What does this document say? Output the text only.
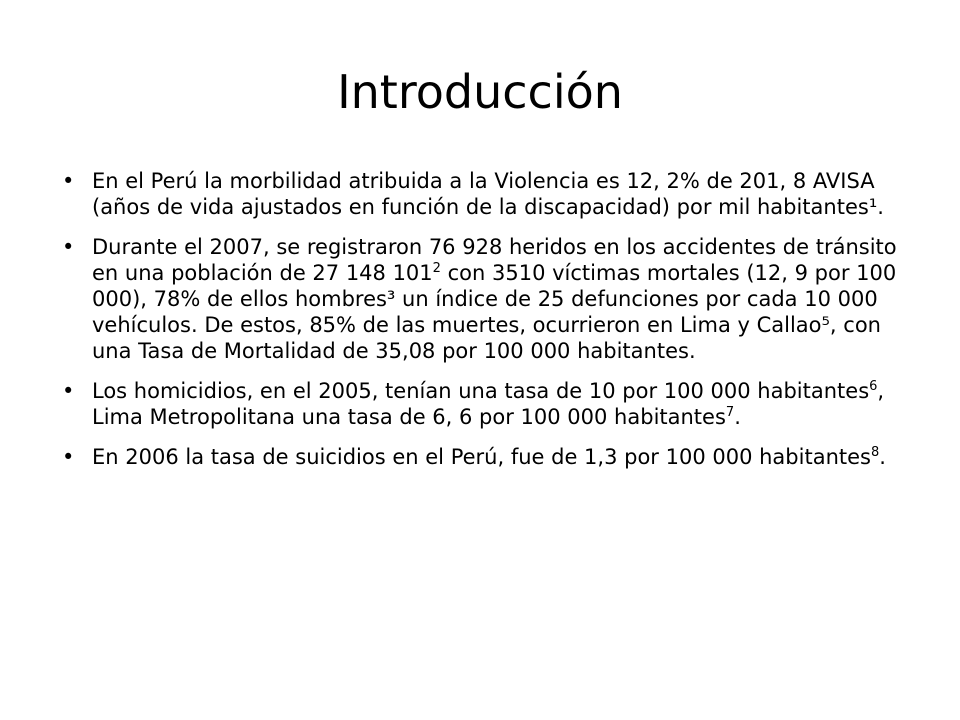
Introducción
• En el Perú la morbilidad atribuida a la Violencia es 12, 2% de 201, 8 AVISA (años de vida ajustados en función de la discapacidad) por mil habitantes¹.
• Durante el 2007, se registraron 76 928 heridos en los accidentes de tránsito en una población de 27 148 $101^2$ con 3510 víctimas mortales (12, 9 por 100 000), 78% de ellos hombres³ un índice de 25 defunciones por cada 10 000 vehículos. De estos, 85% de las muertes, ocurrieron en Lima y Callao⁵, con una Tasa de Mortalidad de 35,08 por 100 000 habitantes.
• Los homicidios, en el 2005, tenían una tasa de 10 por 100 000 habitantes$^6$, Lima Metropolitana una tasa de 6, 6 por 100 000 habitantes$^7$.
• En 2006 la tasa de suicidios en el Perú, fue de 1,3 por 100 000 habitantes$^8$.
